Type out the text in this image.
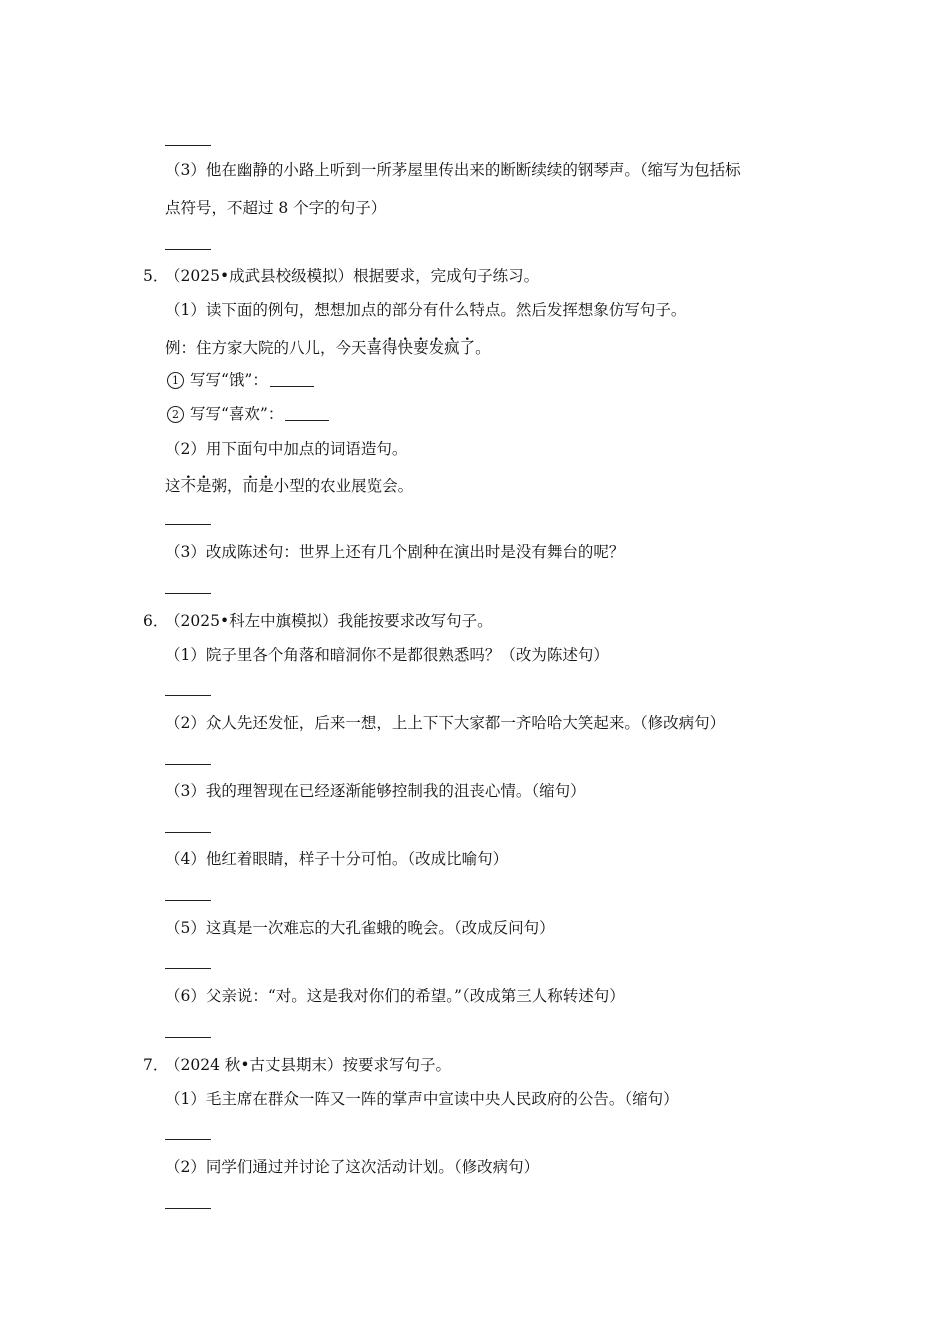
（3）他在幽静的小路上听到一所茅屋里传出来的断断续续的钢琴声。（缩写为包括标
点符号，不超过 8 个字的句子）
5．
（2025•成武县校级模拟）根据要求，完成句子练习。
（1）读下面的例句，想想加点的部分有什么特点。然后发挥想象仿写句子。
例：住方家大院的八儿，今天喜得快要发疯了。
1 写写“饿”：
2 写写“喜欢”：
（2）用下面句中加点的词语造句。
这不是粥，而是小型的农业展览会。
（3）改成陈述句：世界上还有几个剧种在演出时是没有舞台的呢？
6．
（2025•科左中旗模拟）我能按要求改写句子。
（1）院子里各个角落和暗洞你不是都很熟悉吗？（改为陈述句）
（2）众人先还发怔，后来一想，上上下下大家都一齐哈哈大笑起来。（修改病句）
（3）我的理智现在已经逐渐能够控制我的沮丧心情。（缩句）
（4）他红着眼睛，样子十分可怕。（改成比喻句）
（5）这真是一次难忘的大孔雀蛾的晚会。（改成反问句）
（6）父亲说：“对。这是我对你们的希望。”（改成第三人称转述句）
7．
（2024 秋•古丈县期末）按要求写句子。
（1）毛主席在群众一阵又一阵的掌声中宣读中央人民政府的公告。（缩句）
（2）同学们通过并讨论了这次活动计划。（修改病句）
